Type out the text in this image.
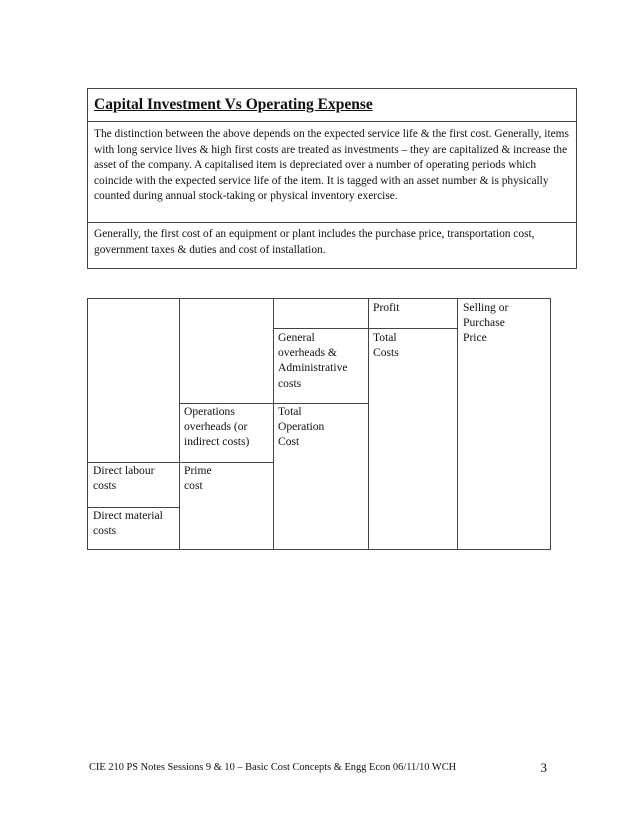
Capital Investment Vs Operating Expense
The distinction between the above depends on the expected service life & the first cost. Generally, items with long service lives & high first costs are treated as investments – they are capitalized & increase the asset of the company. A capitalised item is depreciated over a number of operating periods which coincide with the expected service life of the item. It is tagged with an asset number & is physically counted during annual stock-taking or physical inventory exercise.
Generally, the first cost of an equipment or plant includes the purchase price, transportation cost, government taxes & duties and cost of installation.
Direct labour
costs
Direct material
costs
Prime
cost
Operations
overheads (or
indirect costs)
Total
Operation
Cost
General
overheads &
Administrative
costs
Total
Costs
Profit	Selling or
Purchase
Price
CIE 210 PS Notes Sessions 9 & 10 – Basic Cost Concepts & Engg Econ 06/11/10 WCH	3
